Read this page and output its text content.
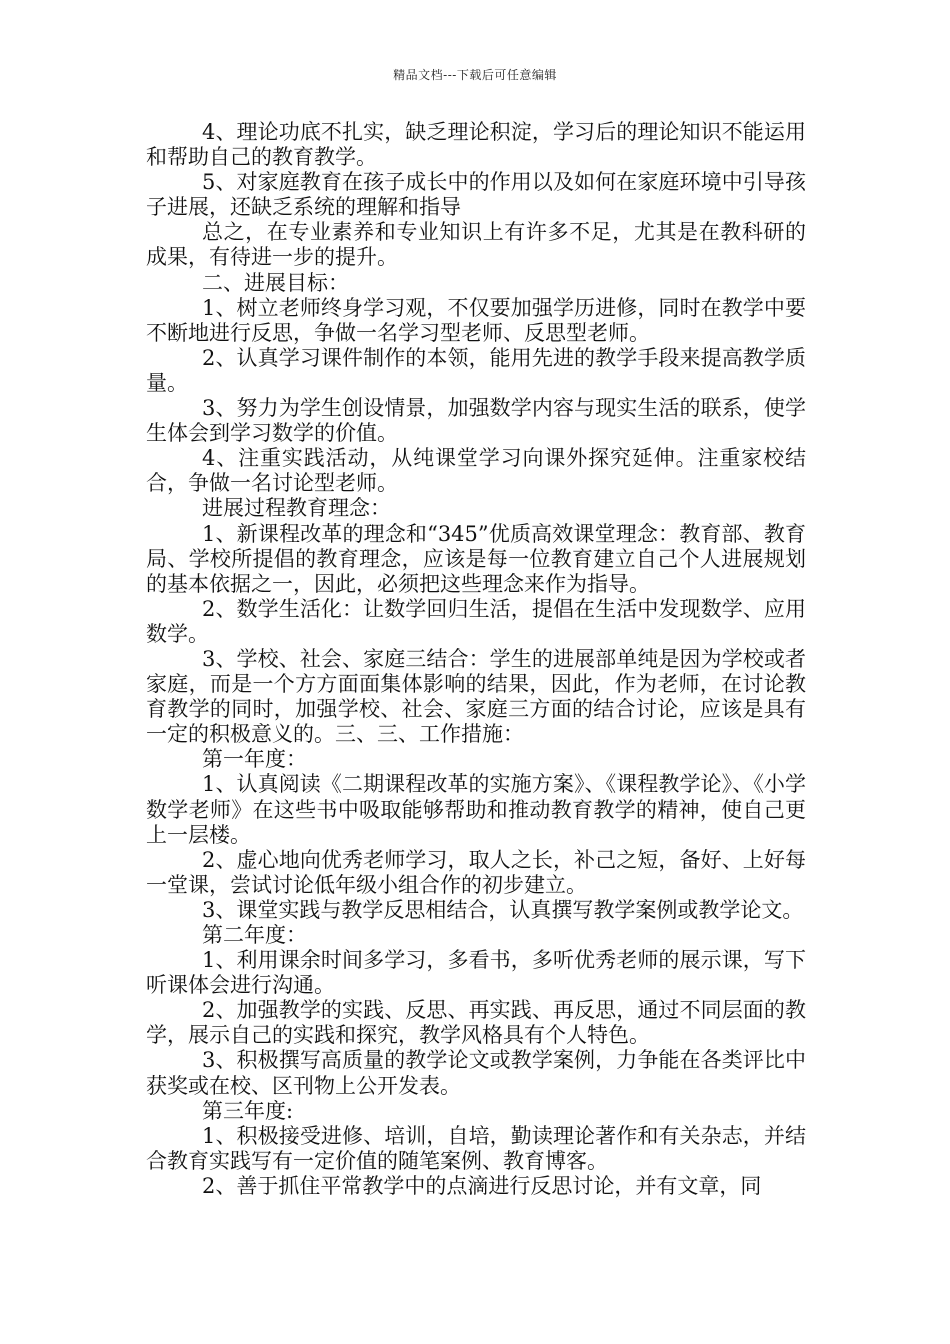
精品文档---下载后可任意编辑

4、理论功底不扎实，缺乏理论积淀，学习后的理论知识不能运用和帮助自己的教育教学。

5、对家庭教育在孩子成长中的作用以及如何在家庭环境中引导孩子进展，还缺乏系统的理解和指导

总之，在专业素养和专业知识上有许多不足，尤其是在教科研的成果，有待进一步的提升。

二、进展目标：

1、树立老师终身学习观，不仅要加强学历进修，同时在教学中要不断地进行反思，争做一名学习型老师、反思型老师。

2、认真学习课件制作的本领，能用先进的教学手段来提高教学质量。

3、努力为学生创设情景，加强数学内容与现实生活的联系，使学生体会到学习数学的价值。

4、注重实践活动，从纯课堂学习向课外探究延伸。注重家校结合，争做一名讨论型老师。

进展过程教育理念：

1、新课程改革的理念和“345”优质高效课堂理念：教育部、教育局、学校所提倡的教育理念，应该是每一位教育建立自己个人进展规划的基本依据之一，因此，必须把这些理念来作为指导。

2、数学生活化：让数学回归生活，提倡在生活中发现数学、应用数学。

3、学校、社会、家庭三结合：学生的进展部单纯是因为学校或者家庭，而是一个方方面面集体影响的结果，因此，作为老师，在讨论教育教学的同时，加强学校、社会、家庭三方面的结合讨论，应该是具有一定的积极意义的。三、三、工作措施：

第一年度：

1、认真阅读《二期课程改革的实施方案》、《课程教学论》、《小学数学老师》在这些书中吸取能够帮助和推动教育教学的精神，使自己更上一层楼。

2、虚心地向优秀老师学习，取人之长，补己之短，备好、上好每一堂课，尝试讨论低年级小组合作的初步建立。

3、课堂实践与教学反思相结合，认真撰写教学案例或教学论文。

第二年度：

1、利用课余时间多学习，多看书，多听优秀老师的展示课，写下听课体会进行沟通。

2、加强教学的实践、反思、再实践、再反思，通过不同层面的教学，展示自己的实践和探究，教学风格具有个人特色。

3、积极撰写高质量的教学论文或教学案例，力争能在各类评比中获奖或在校、区刊物上公开发表。

第三年度:

1、积极接受进修、培训，自培，勤读理论著作和有关杂志，并结合教育实践写有一定价值的随笔案例、教育博客。

2、善于抓住平常教学中的点滴进行反思讨论，并有文章，同
